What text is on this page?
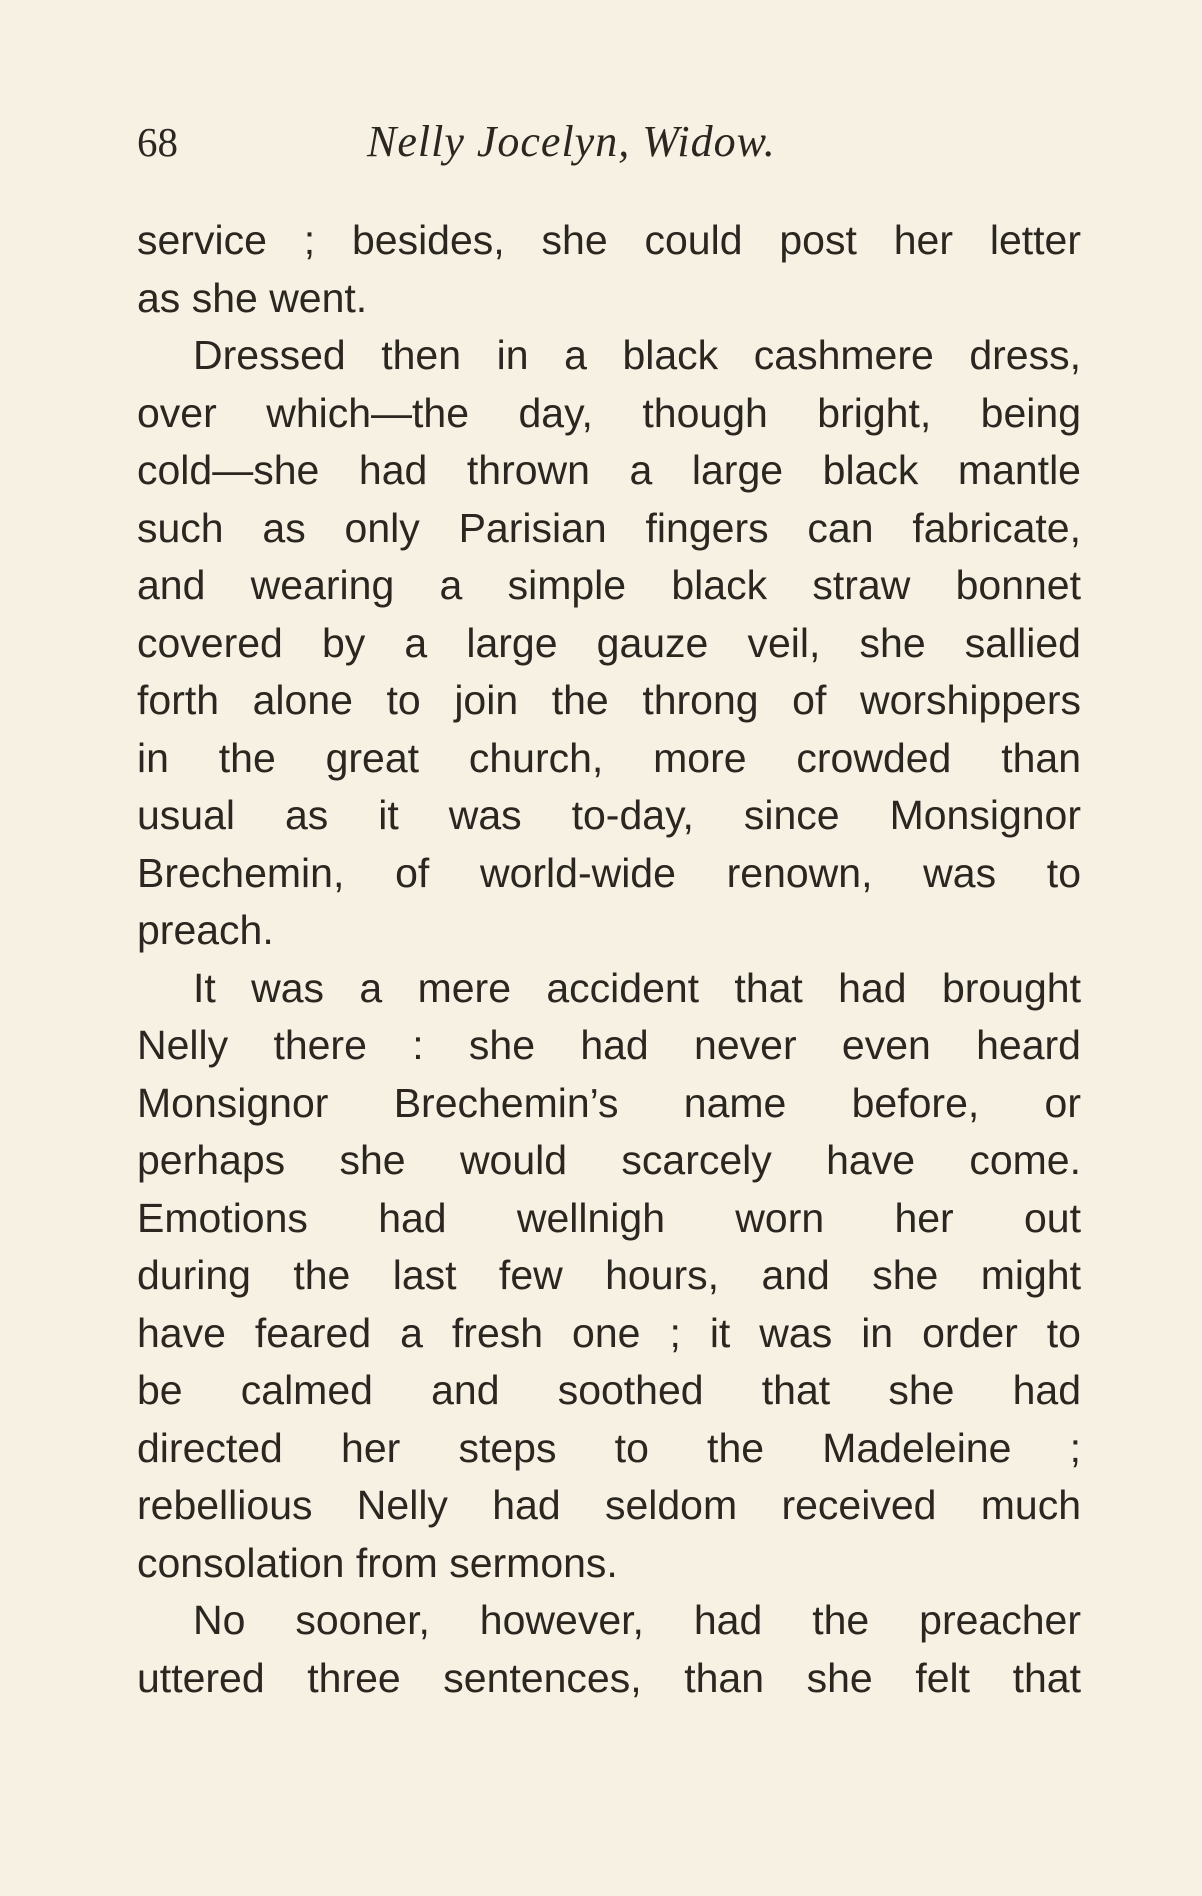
68	Nelly Jocelyn, Widow.
service ; besides, she could post her letter
as she went.
Dressed then in a black cashmere dress,
over which—the day, though bright, being
cold—she had thrown a large black mantle
such as only Parisian fingers can fabricate,
and wearing a simple black straw bonnet
covered by a large gauze veil, she sallied
forth alone to join the throng of worshippers
in the great church, more crowded than
usual as it was to-day, since Monsignor
Brechemin, of world-wide renown, was to
preach.
It was a mere accident that had brought
Nelly there : she had never even heard
Monsignor Brechemin’s name before, or
perhaps she would scarcely have come.
Emotions had wellnigh worn her out
during the last few hours, and she might
have feared a fresh one ; it was in order to
be calmed and soothed that she had
directed her steps to the Madeleine ;
rebellious Nelly had seldom received much
consolation from sermons.
No sooner, however, had the preacher
uttered three sentences, than she felt that
